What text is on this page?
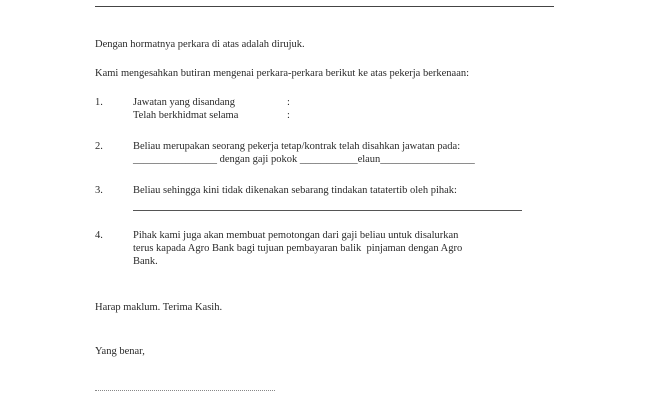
Dengan hormatnya perkara di atas adalah dirujuk.
Kami mengesahkan butiran mengenai perkara-perkara berikut ke atas pekerja berkenaan:
1.	Jawatan yang disandang	:
Telah berkhidmat selama	:
2.	Beliau merupakan seorang pekerja tetap/kontrak telah disahkan jawatan pada:
________________ dengan gaji pokok ___________elaun__________________
3.	Beliau sehingga kini tidak dikenakan sebarang tindakan tatatertib oleh pihak:
4.	Pihak kami juga akan membuat pemotongan dari gaji beliau untuk disalurkan
terus kapada Agro Bank bagi tujuan pembayaran balik  pinjaman dengan Agro
Bank.
Harap maklum. Terima Kasih.
Yang benar,
